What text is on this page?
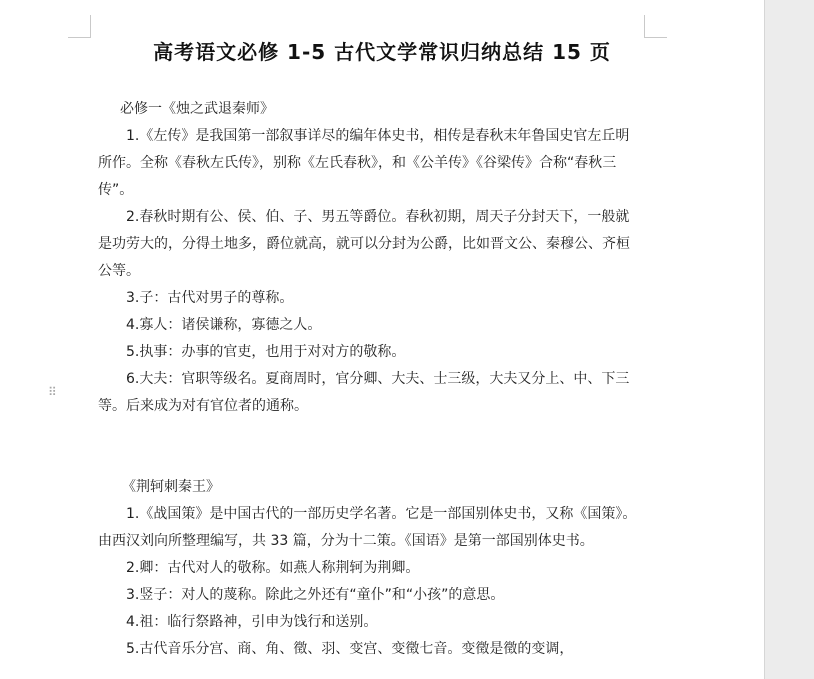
⠿
高考语文必修 1-5 古代文学常识归纳总结 15 页

必修一《烛之武退秦师》

1.《左传》是我国第一部叙事详尽的编年体史书，相传是春秋末年鲁国史官左丘明所作。全称《春秋左氏传》，别称《左氏春秋》，和《公羊传》《谷梁传》合称“春秋三传”。

2.春秋时期有公、侯、伯、子、男五等爵位。春秋初期，周天子分封天下，一般就是功劳大的，分得土地多，爵位就高，就可以分封为公爵，比如晋文公、秦穆公、齐桓公等。

3.子：古代对男子的尊称。

4.寡人：诸侯谦称，寡德之人。

5.执事：办事的官吏，也用于对对方的敬称。

6.大夫：官职等级名。夏商周时，官分卿、大夫、士三级，大夫又分上、中、下三等。后来成为对有官位者的通称。

《荆轲刺秦王》

1.《战国策》是中国古代的一部历史学名著。它是一部国别体史书，又称《国策》。由西汉刘向所整理编写，共 33 篇，分为十二策。《国语》是第一部国别体史书。

2.卿：古代对人的敬称。如燕人称荆轲为荆卿。

3.竖子：对人的蔑称。除此之外还有“童仆”和“小孩”的意思。

4.祖：临行祭路神，引申为饯行和送别。

5.古代音乐分宫、商、角、徵、羽、变宫、变徵七音。变徵是徵的变调，
